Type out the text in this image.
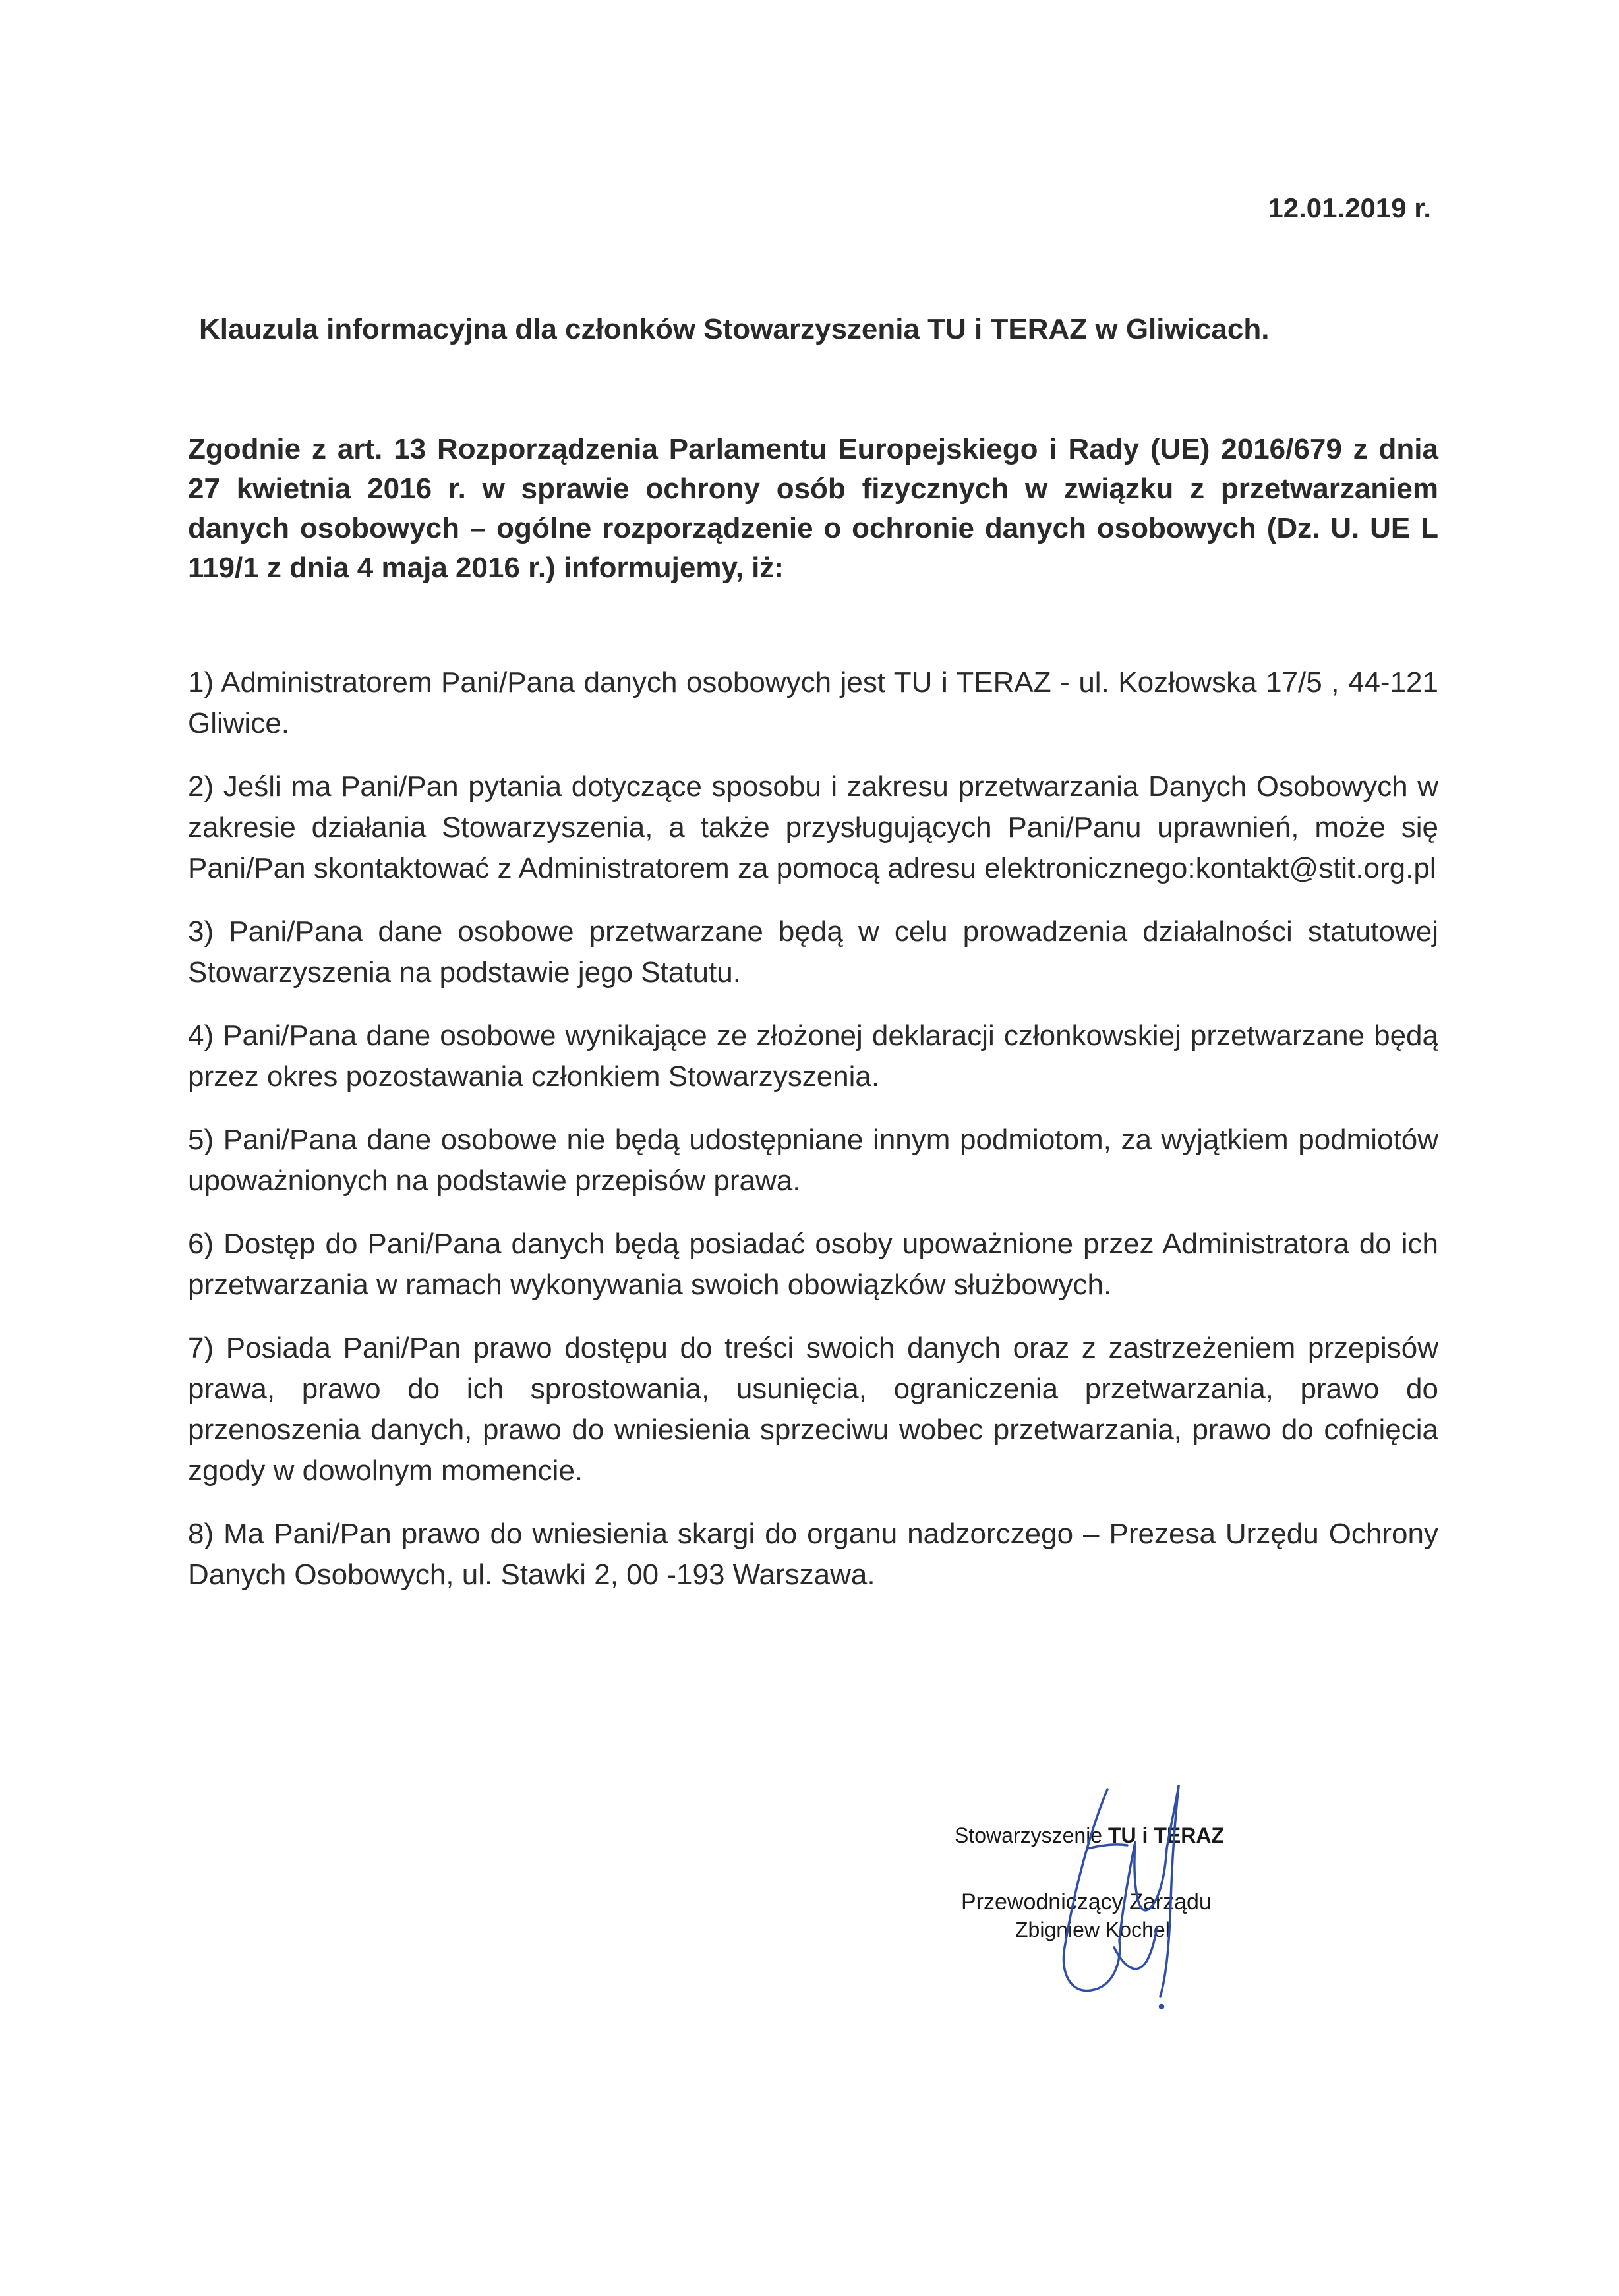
12.01.2019 r.
Klauzula informacyjna dla członków Stowarzyszenia TU i TERAZ w Gliwicach.

Zgodnie z art. 13 Rozporządzenia Parlamentu Europejskiego i Rady (UE) 2016/679 z dnia 27 kwietnia 2016 r. w sprawie ochrony osób fizycznych w związku z przetwarzaniem danych osobowych – ogólne rozporządzenie o ochronie danych osobowych (Dz. U. UE L 119/1 z dnia 4 maja 2016 r.) informujemy, iż:

1) Administratorem Pani/Pana danych osobowych jest TU i TERAZ - ul. Kozłowska 17/5 , 44-121 Gliwice.
2) Jeśli ma Pani/Pan pytania dotyczące sposobu i zakresu przetwarzania Danych Osobowych w zakresie działania Stowarzyszenia, a także przysługujących Pani/Panu uprawnień, może się Pani/Pan skontaktować z Administratorem za pomocą adresu elektronicznego:kontakt@stit.org.pl
3) Pani/Pana dane osobowe przetwarzane będą w celu prowadzenia działalności statutowej Stowarzyszenia na podstawie jego Statutu.
4) Pani/Pana dane osobowe wynikające ze złożonej deklaracji członkowskiej przetwarzane będą przez okres pozostawania członkiem Stowarzyszenia.
5) Pani/Pana dane osobowe nie będą udostępniane innym podmiotom, za wyjątkiem podmiotów upoważnionych na podstawie przepisów prawa.
6) Dostęp do Pani/Pana danych będą posiadać osoby upoważnione przez Administratora do ich przetwarzania w ramach wykonywania swoich obowiązków służbowych.
7) Posiada Pani/Pan prawo dostępu do treści swoich danych oraz z zastrzeżeniem przepisów prawa, prawo do ich sprostowania, usunięcia, ograniczenia przetwarzania, prawo do przenoszenia danych, prawo do wniesienia sprzeciwu wobec przetwarzania, prawo do cofnięcia zgody w dowolnym momencie.
8) Ma Pani/Pan prawo do wniesienia skargi do organu nadzorczego – Prezesa Urzędu Ochrony Danych Osobowych, ul. Stawki 2, 00 -193 Warszawa.
Stowarzyszenie TU i TERAZ
Przewodniczący Zarządu
Zbigniew Kochel
